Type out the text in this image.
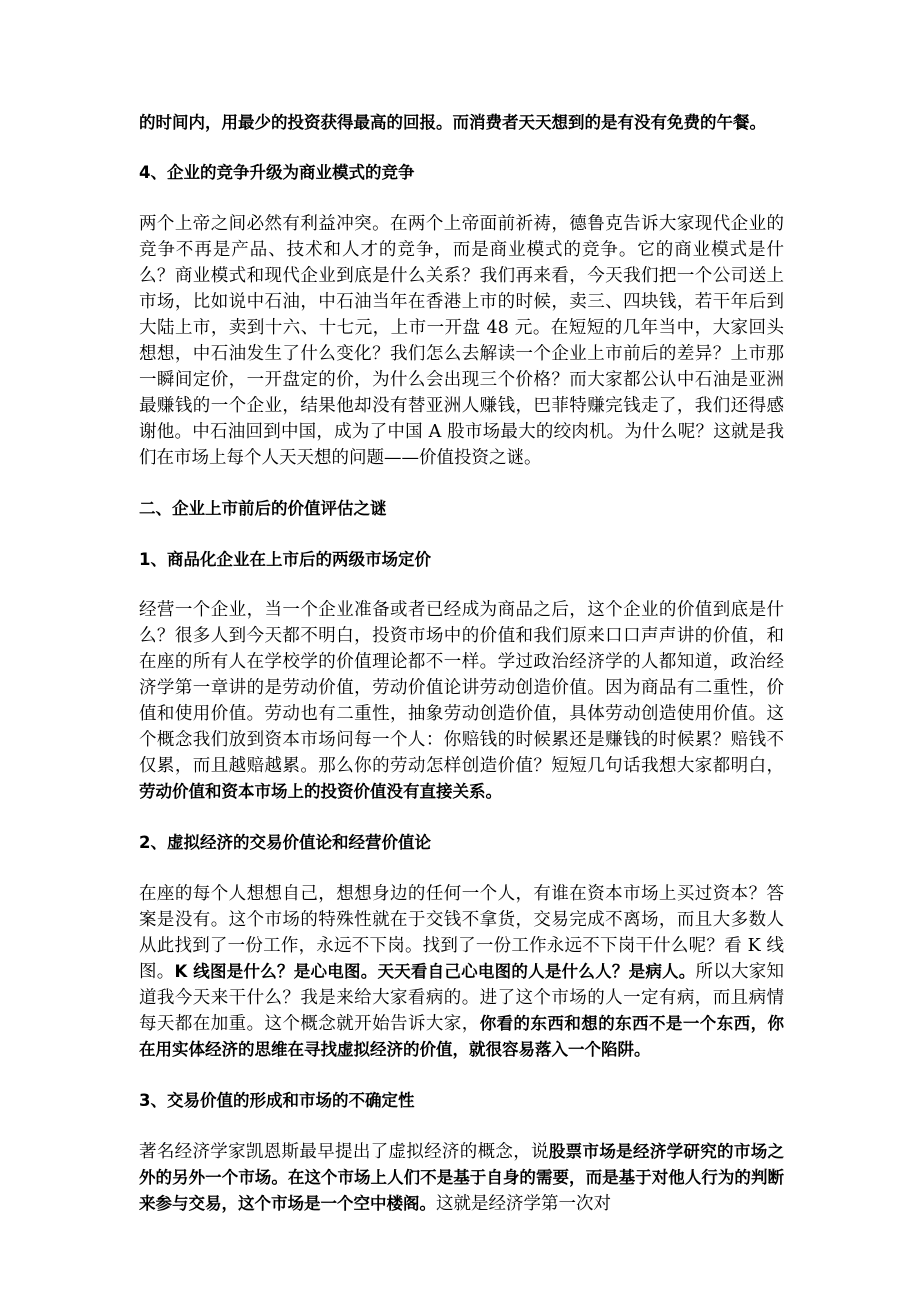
的时间内，用最少的投资获得最高的回报。而消费者天天想到的是有没有免费的午餐。

4、企业的竞争升级为商业模式的竞争

两个上帝之间必然有利益冲突。在两个上帝面前祈祷，德鲁克告诉大家现代企业的竞争不再是产品、技术和人才的竞争，而是商业模式的竞争。它的商业模式是什么？商业模式和现代企业到底是什么关系？我们再来看，今天我们把一个公司送上市场，比如说中石油，中石油当年在香港上市的时候，卖三、四块钱，若干年后到大陆上市，卖到十六、十七元，上市一开盘 48 元。在短短的几年当中，大家回头想想，中石油发生了什么变化？我们怎么去解读一个企业上市前后的差异？上市那一瞬间定价，一开盘定的价，为什么会出现三个价格？而大家都公认中石油是亚洲最赚钱的一个企业，结果他却没有替亚洲人赚钱，巴菲特赚完钱走了，我们还得感谢他。中石油回到中国，成为了中国 A 股市场最大的绞肉机。为什么呢？这就是我们在市场上每个人天天想的问题——价值投资之谜。

二、企业上市前后的价值评估之谜
1、商品化企业在上市后的两级市场定价

经营一个企业，当一个企业准备或者已经成为商品之后，这个企业的价值到底是什么？很多人到今天都不明白，投资市场中的价值和我们原来口口声声讲的价值，和在座的所有人在学校学的价值理论都不一样。学过政治经济学的人都知道，政治经济学第一章讲的是劳动价值，劳动价值论讲劳动创造价值。因为商品有二重性，价值和使用价值。劳动也有二重性，抽象劳动创造价值，具体劳动创造使用价值。这个概念我们放到资本市场问每一个人：你赔钱的时候累还是赚钱的时候累？赔钱不仅累，而且越赔越累。那么你的劳动怎样创造价值？短短几句话我想大家都明白，劳动价值和资本市场上的投资价值没有直接关系。

2、虚拟经济的交易价值论和经营价值论

在座的每个人想想自己，想想身边的任何一个人，有谁在资本市场上买过资本？答案是没有。这个市场的特殊性就在于交钱不拿货，交易完成不离场，而且大多数人从此找到了一份工作，永远不下岗。找到了一份工作永远不下岗干什么呢？看 K 线图。K 线图是什么？是心电图。天天看自己心电图的人是什么人？是病人。所以大家知道我今天来干什么？我是来给大家看病的。进了这个市场的人一定有病，而且病情每天都在加重。这个概念就开始告诉大家，你看的东西和想的东西不是一个东西，你在用实体经济的思维在寻找虚拟经济的价值，就很容易落入一个陷阱。

3、交易价值的形成和市场的不确定性

著名经济学家凯恩斯最早提出了虚拟经济的概念，说股票市场是经济学研究的市场之外的另外一个市场。在这个市场上人们不是基于自身的需要，而是基于对他人行为的判断来参与交易，这个市场是一个空中楼阁。这就是经济学第一次对
